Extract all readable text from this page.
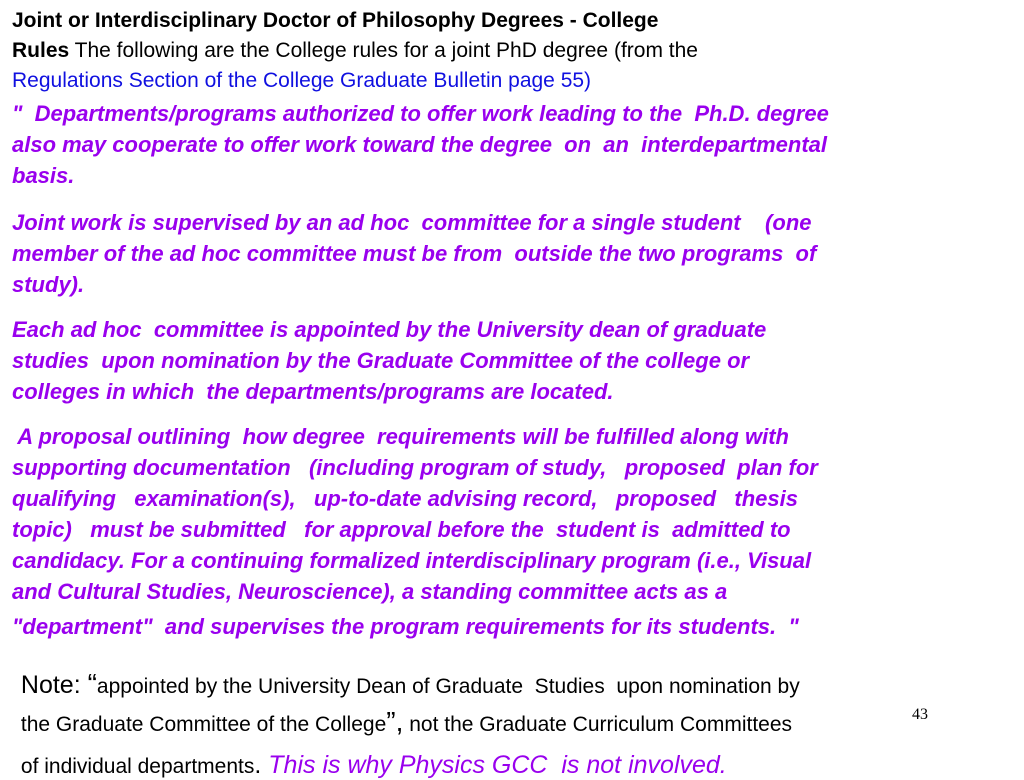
Joint or Interdisciplinary Doctor of Philosophy Degrees - College
Rules The following are the College rules for a joint PhD degree (from the
Regulations Section of the College Graduate Bulletin page 55)
"  Departments/programs authorized to offer work leading to the  Ph.D. degree
also may cooperate to offer work toward the degree  on  an  interdepartmental
basis.
Joint work is supervised by an ad hoc  committee for a single student    (one
member of the ad hoc committee must be from  outside the two programs  of
study).
Each ad hoc  committee is appointed by the University dean of graduate
studies  upon nomination by the Graduate Committee of the college or
colleges in which  the departments/programs are located.
A proposal outlining  how degree  requirements will be fulfilled along with
supporting documentation   (including program of study,   proposed  plan for
qualifying   examination(s),   up-to-date advising record,   proposed   thesis
topic)   must be submitted   for approval before the  student is  admitted to
candidacy. For a continuing formalized interdisciplinary program (i.e., Visual
and Cultural Studies, Neuroscience), a standing committee acts as a
"department"  and supervises the program requirements for its students.  "

Note: “appointed by the University Dean of Graduate  Studies  upon nomination by

the Graduate Committee of the College”, not the Graduate Curriculum Committees

of individual departments. This is why Physics GCC  is not involved.

43
